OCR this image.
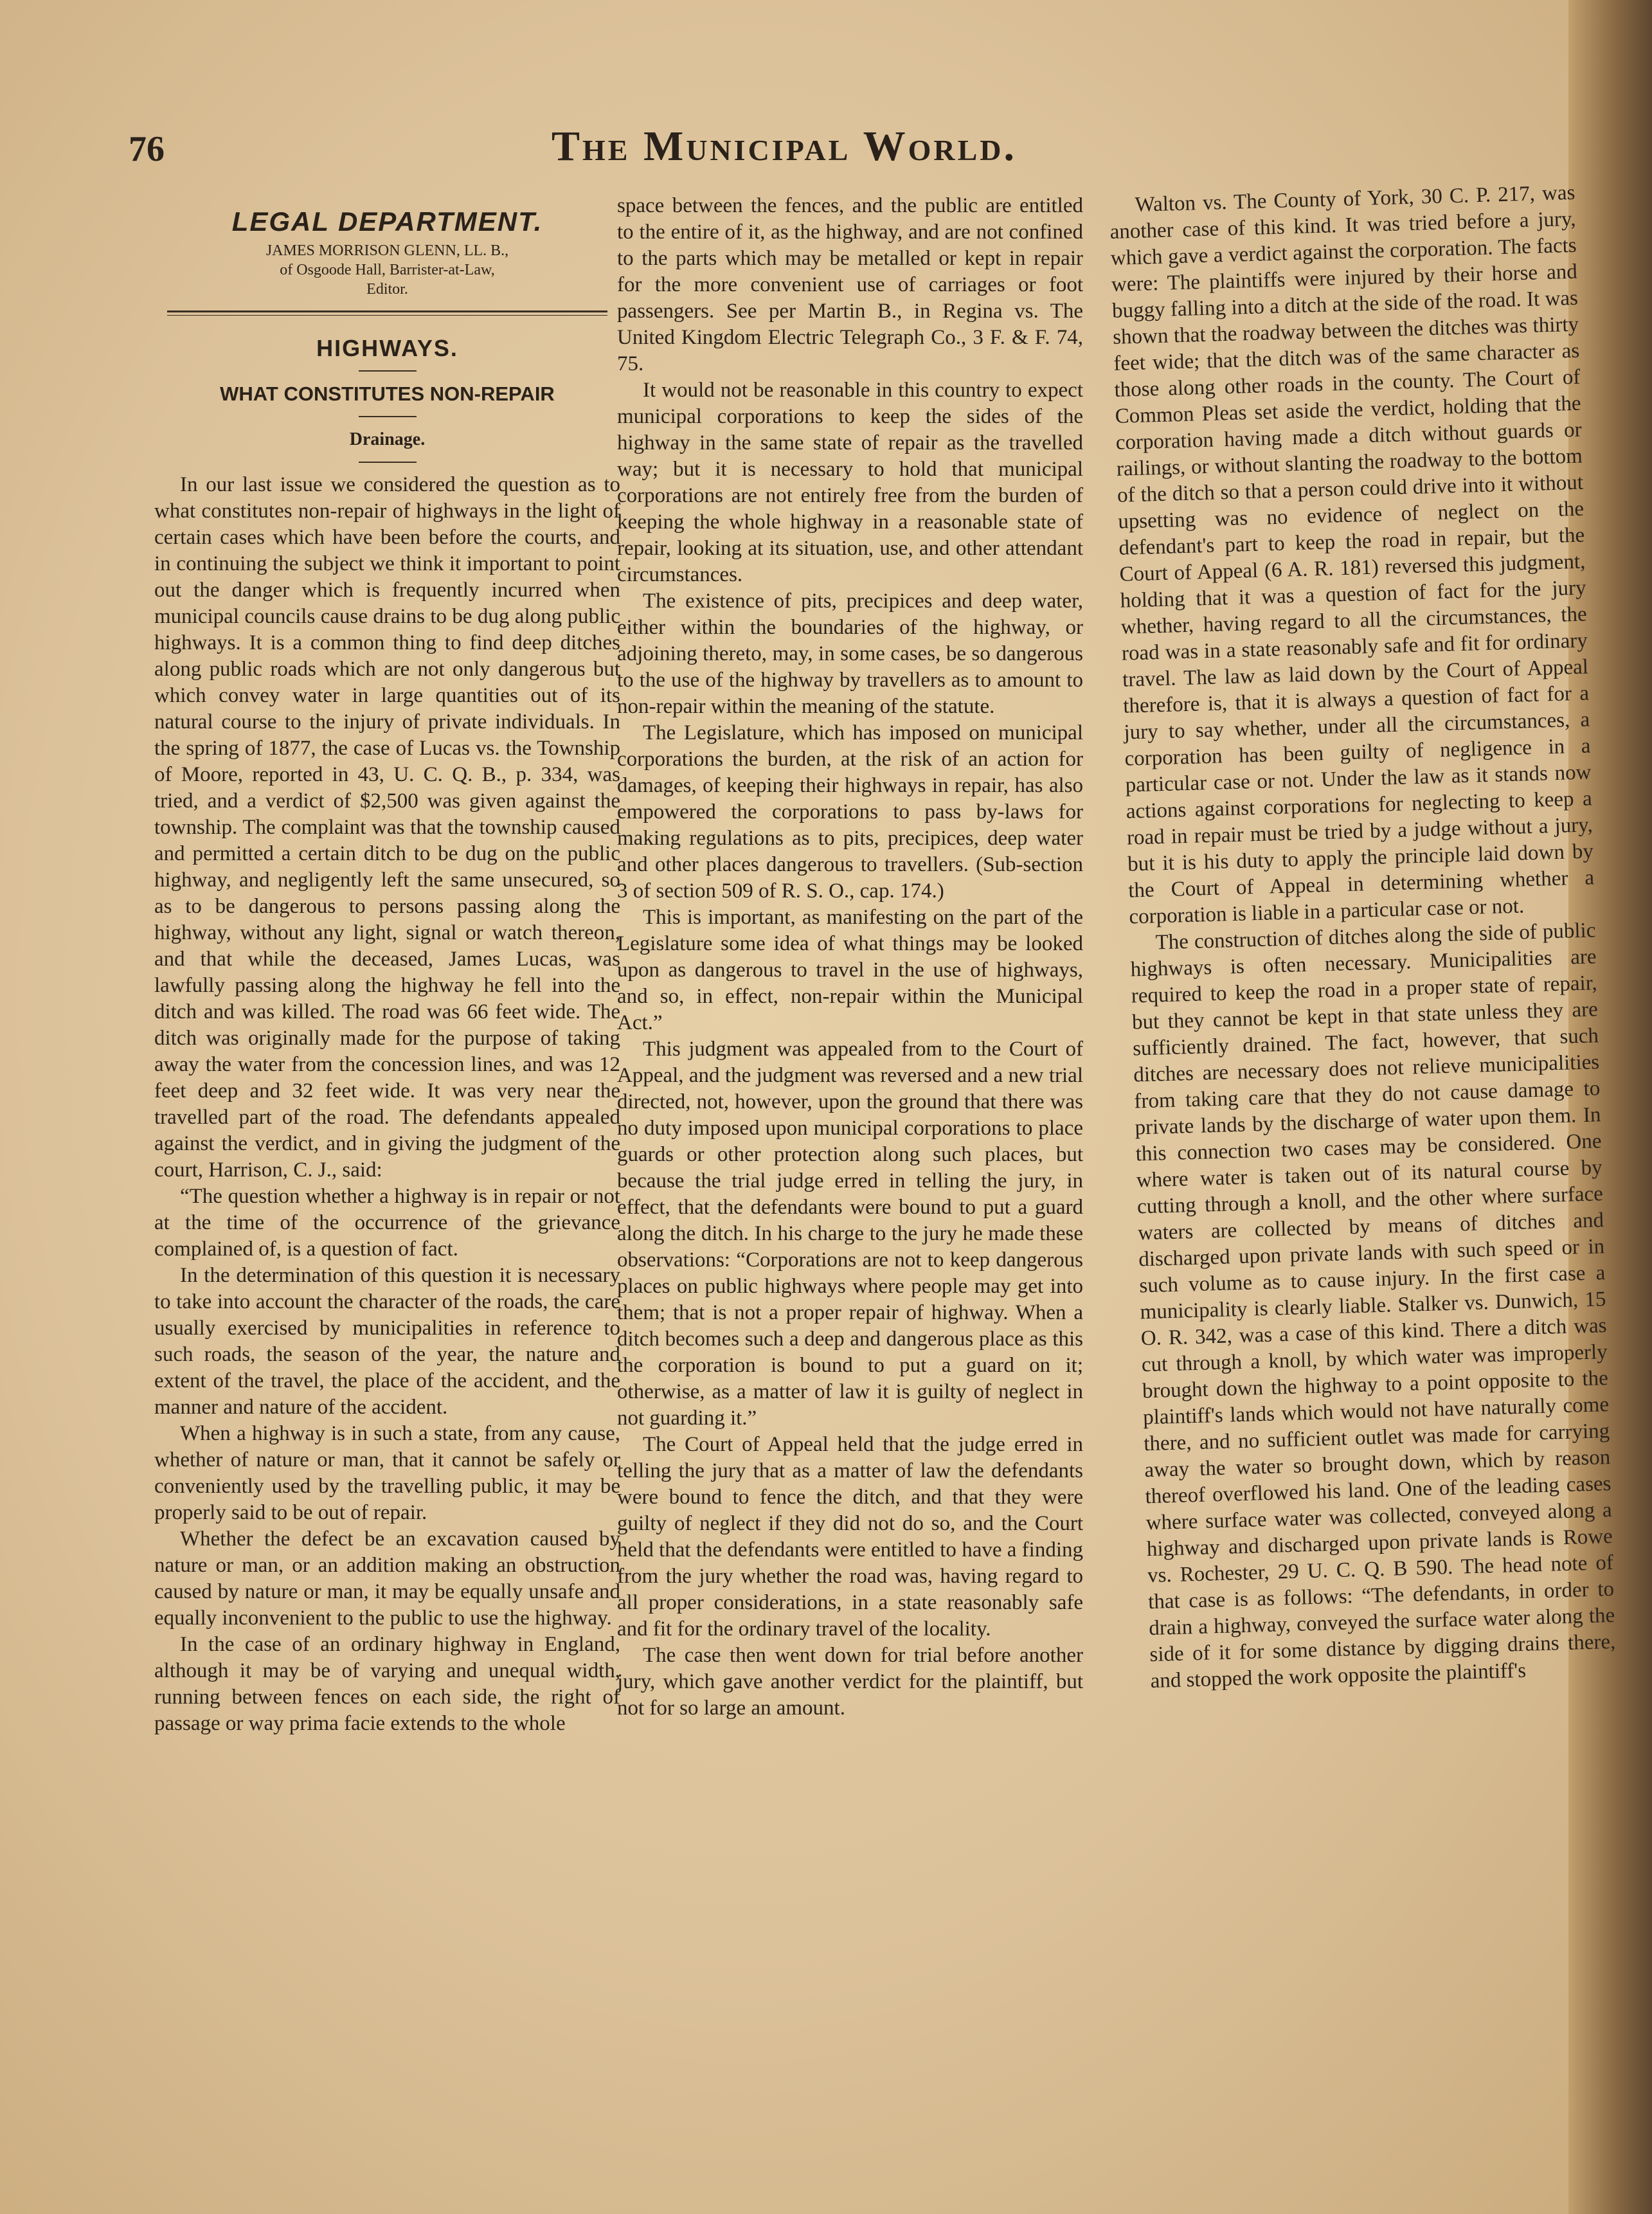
76	The Municipal World.
LEGAL DEPARTMENT.
JAMES MORRISON GLENN, LL. B.,
of Osgoode Hall, Barrister-at-Law,
Editor.
HIGHWAYS.
WHAT CONSTITUTES NON-REPAIR
Drainage.

In our last issue we considered the question as to what constitutes non-repair of highways in the light of certain cases which have been before the courts, and in continuing the subject we think it important to point out the danger which is frequently incurred when municipal councils cause drains to be dug along public highways. It is a common thing to find deep ditches along public roads which are not only dangerous but which convey water in large quantities out of its natural course to the injury of private individuals. In the spring of 1877, the case of Lucas vs. the Township of Moore, reported in 43, U. C. Q. B., p. 334, was tried, and a verdict of $2,500 was given against the township. The complaint was that the township caused and permitted a certain ditch to be dug on the public highway, and negligently left the same unsecured, so as to be dangerous to persons passing along the highway, without any light, signal or watch thereon, and that while the deceased, James Lucas, was lawfully passing along the highway he fell into the ditch and was killed. The road was 66 feet wide. The ditch was originally made for the purpose of taking away the water from the concession lines, and was 12 feet deep and 32 feet wide. It was very near the travelled part of the road. The defendants appealed against the verdict, and in giving the judgment of the court, Harrison, C. J., said:

“The question whether a highway is in repair or not at the time of the occurrence of the grievance complained of, is a question of fact.

In the determination of this question it is necessary to take into account the character of the roads, the care usually exercised by municipalities in reference to such roads, the season of the year, the nature and extent of the travel, the place of the accident, and the manner and nature of the accident.

When a highway is in such a state, from any cause, whether of nature or man, that it cannot be safely or conveniently used by the travelling public, it may be properly said to be out of repair.

Whether the defect be an excavation caused by nature or man, or an addition making an obstruction caused by nature or man, it may be equally unsafe and equally inconvenient to the public to use the highway.

In the case of an ordinary highway in England, although it may be of varying and unequal width, running between fences on each side, the right of passage or way prima facie extends to the whole

space between the fences, and the public are entitled to the entire of it, as the highway, and are not confined to the parts which may be metalled or kept in repair for the more convenient use of carriages or foot passengers. See per Martin B., in Regina vs. The United Kingdom Electric Telegraph Co., 3 F. & F. 74, 75.

It would not be reasonable in this country to expect municipal corporations to keep the sides of the highway in the same state of repair as the travelled way; but it is necessary to hold that municipal corporations are not entirely free from the burden of keeping the whole highway in a reasonable state of repair, looking at its situation, use, and other attendant circumstances.

The existence of pits, precipices and deep water, either within the boundaries of the highway, or adjoining thereto, may, in some cases, be so dangerous to the use of the highway by travellers as to amount to non-repair within the meaning of the statute.

The Legislature, which has imposed on municipal corporations the burden, at the risk of an action for damages, of keeping their highways in repair, has also empowered the corporations to pass by-laws for making regulations as to pits, precipices, deep water and other places dangerous to travellers. (Sub-section 3 of section 509 of R. S. O., cap. 174.)

This is important, as manifesting on the part of the Legislature some idea of what things may be looked upon as dangerous to travel in the use of highways, and so, in effect, non-repair within the Municipal Act.”

This judgment was appealed from to the Court of Appeal, and the judgment was reversed and a new trial directed, not, however, upon the ground that there was no duty imposed upon municipal corporations to place guards or other protection along such places, but because the trial judge erred in telling the jury, in effect, that the defendants were bound to put a guard along the ditch. In his charge to the jury he made these observations: “Corporations are not to keep dangerous places on public highways where people may get into them; that is not a proper repair of highway. When a ditch becomes such a deep and dangerous place as this the corporation is bound to put a guard on it; otherwise, as a matter of law it is guilty of neglect in not guarding it.”

The Court of Appeal held that the judge erred in telling the jury that as a matter of law the defendants were bound to fence the ditch, and that they were guilty of neglect if they did not do so, and the Court held that the defendants were entitled to have a finding from the jury whether the road was, having regard to all proper considerations, in a state reasonably safe and fit for the ordinary travel of the locality.

The case then went down for trial before another jury, which gave another verdict for the plaintiff, but not for so large an amount.

Walton vs. The County of York, 30 C. P. 217, was another case of this kind. It was tried before a jury, which gave a verdict against the corporation. The facts were: The plaintiffs were injured by their horse and buggy falling into a ditch at the side of the road. It was shown that the roadway between the ditches was thirty feet wide; that the ditch was of the same character as those along other roads in the county. The Court of Common Pleas set aside the verdict, holding that the corporation having made a ditch without guards or railings, or without slanting the roadway to the bottom of the ditch so that a person could drive into it without upsetting was no evidence of neglect on the defendant's part to keep the road in repair, but the Court of Appeal (6 A. R. 181) reversed this judgment, holding that it was a question of fact for the jury whether, having regard to all the circumstances, the road was in a state reasonably safe and fit for ordinary travel. The law as laid down by the Court of Appeal therefore is, that it is always a question of fact for a jury to say whether, under all the circumstances, a corporation has been guilty of negligence in a particular case or not. Under the law as it stands now actions against corporations for neglecting to keep a road in repair must be tried by a judge without a jury, but it is his duty to apply the principle laid down by the Court of Appeal in determining whether a corporation is liable in a particular case or not.

The construction of ditches along the side of public highways is often necessary. Municipalities are required to keep the road in a proper state of repair, but they cannot be kept in that state unless they are sufficiently drained. The fact, however, that such ditches are necessary does not relieve municipalities from taking care that they do not cause damage to private lands by the discharge of water upon them. In this connection two cases may be considered. One where water is taken out of its natural course by cutting through a knoll, and the other where surface waters are collected by means of ditches and discharged upon private lands with such speed or in such volume as to cause injury. In the first case a municipality is clearly liable. Stalker vs. Dunwich, 15 O. R. 342, was a case of this kind. There a ditch was cut through a knoll, by which water was improperly brought down the highway to a point opposite to the plaintiff's lands which would not have naturally come there, and no sufficient outlet was made for carrying away the water so brought down, which by reason thereof overflowed his land. One of the leading cases where surface water was collected, conveyed along a highway and discharged upon private lands is Rowe vs. Rochester, 29 U. C. Q. B 590. The head note of that case is as follows: “The defendants, in order to drain a highway, conveyed the surface water along the side of it for some distance by digging drains there, and stopped the work opposite the plaintiff's
